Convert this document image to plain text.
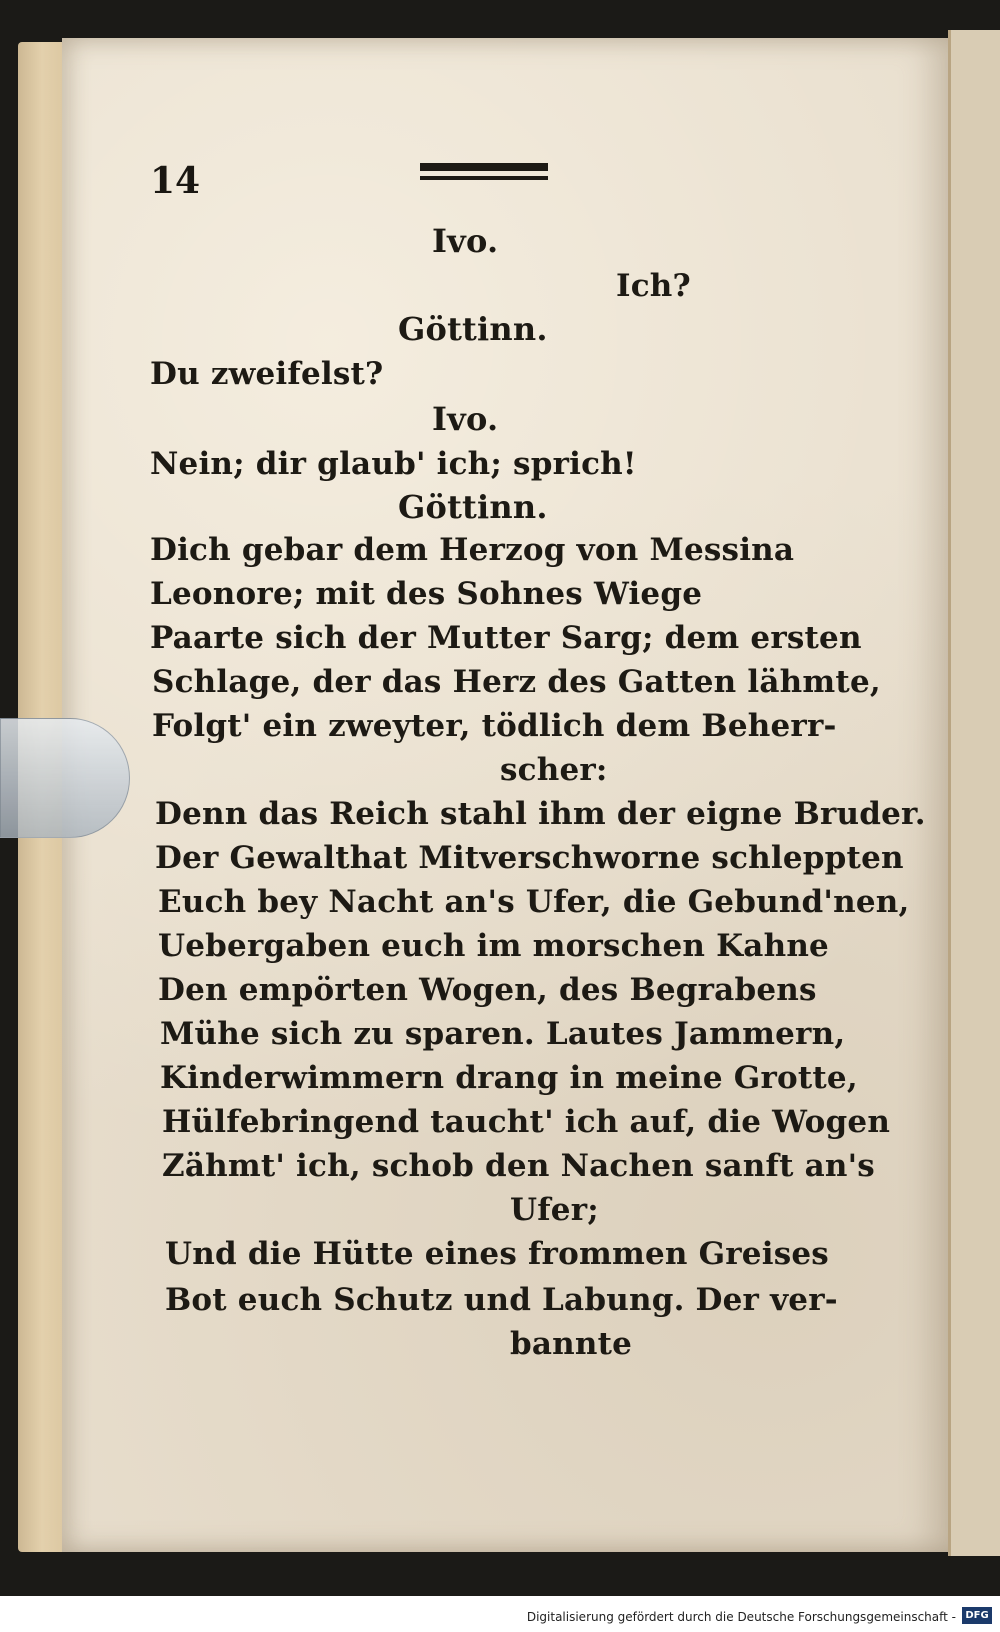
14
Ivo.
Ich?
Göttinn.
Du zweifelst?
Ivo.
Nein; dir glaub' ich; sprich!
Göttinn.
Dich gebar dem Herzog von Messina
Leonore; mit des Sohnes Wiege
Paarte sich der Mutter Sarg; dem ersten
Schlage, der das Herz des Gatten lähmte,
Folgt' ein zweyter, tödlich dem Beherr-
scher:
Denn das Reich stahl ihm der eigne Bruder.
Der Gewalthat Mitverschworne schleppten
Euch bey Nacht an's Ufer, die Gebund'nen,
Uebergaben euch im morschen Kahne
Den empörten Wogen, des Begrabens
Mühe sich zu sparen. Lautes Jammern,
Kinderwimmern drang in meine Grotte,
Hülfebringend taucht' ich auf, die Wogen
Zähmt' ich, schob den Nachen sanft an's
Ufer;
Und die Hütte eines frommen Greises
Bot euch Schutz und Labung. Der ver-
bannte
Digitalisierung gefördert durch die Deutsche Forschungsgemeinschaft - DFG
